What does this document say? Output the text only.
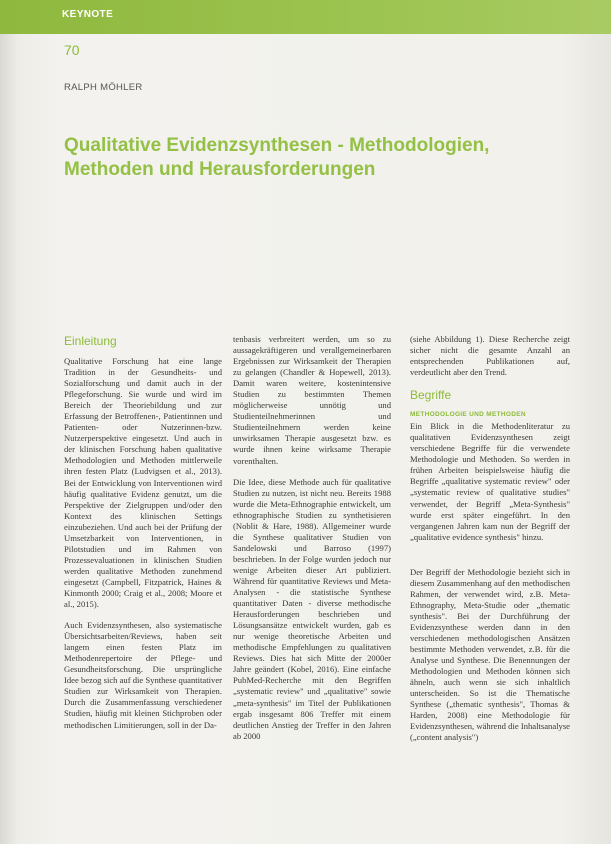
KEYNOTE
70
RALPH MÖHLER
Qualitative Evidenzsynthesen - Methodologien, Methoden und Herausforderungen
Einleitung

Qualitative Forschung hat eine lange Tradition in der Gesundheits- und Sozialforschung und damit auch in der Pflegeforschung. Sie wurde und wird im Bereich der Theoriebildung und zur Erfassung der Betroffenen-, Patientinnen und Patienten- oder Nutzerinnen-bzw. Nutzerperspektive eingesetzt. Und auch in der klinischen Forschung haben qualitative Methodologien und Methoden mittlerweile ihren festen Platz (Ludvigsen et al., 2013). Bei der Entwicklung von Interventionen wird häufig qualitative Evidenz genutzt, um die Perspektive der Zielgruppen und/oder den Kontext des klinischen Settings einzubeziehen. Und auch bei der Prüfung der Umsetzbarkeit von Interventionen, in Pilotstudien und im Rahmen von Prozessevaluationen in klinischen Studien werden qualitative Methoden zunehmend eingesetzt (Campbell, Fitzpatrick, Haines & Kinmonth 2000; Craig et al., 2008; Moore et al., 2015).

Auch Evidenzsynthesen, also systematische Übersichtsarbeiten/Reviews, haben seit langem einen festen Platz im Methodenrepertoire der Pflege- und Gesundheitsforschung. Die ursprüngliche Idee bezog sich auf die Synthese quantitativer Studien zur Wirksamkeit von Therapien. Durch die Zusammenfassung verschiedener Studien, häufig mit kleinen Stichproben oder methodischen Limitierungen, soll in der Da-

tenbasis verbreitert werden, um so zu aussagekräftigeren und verallgemeinerbaren Ergebnissen zur Wirksamkeit der Therapien zu gelangen (Chandler & Hopewell, 2013). Damit waren weitere, kostenintensive Studien zu bestimmten Themen möglicherweise unnötig und Studienteilnehmerinnen und Studienteilnehmern werden keine unwirksamen Therapie ausgesetzt bzw. es wurde ihnen keine wirksame Therapie vorenthalten.

Die Idee, diese Methode auch für qualitative Studien zu nutzen, ist nicht neu. Bereits 1988 wurde die Meta-Ethnographie entwickelt, um ethnographische Studien zu synthetisieren (Noblit & Hare, 1988). Allgemeiner wurde die Synthese qualitativer Studien von Sandelowski und Barroso (1997) beschrieben. In der Folge wurden jedoch nur wenige Arbeiten dieser Art publiziert. Während für quantitative Reviews und Meta-Analysen - die statistische Synthese quantitativer Daten - diverse methodische Herausforderungen beschrieben und Lösungsansätze entwickelt wurden, gab es nur wenige theoretische Arbeiten und methodische Empfehlungen zu qualitativen Reviews. Dies hat sich Mitte der 2000er Jahre geändert (Kobel, 2016). Eine einfache PubMed-Recherche mit den Begriffen „systematic review" und „qualitative" sowie „meta-synthesis" im Titel der Publikationen ergab insgesamt 806 Treffer mit einem deutlichen Anstieg der Treffer in den Jahren ab 2000

(siehe Abbildung 1). Diese Recherche zeigt sicher nicht die gesamte Anzahl an entsprechenden Publikationen auf, verdeutlicht aber den Trend.

Begriffe
METHODOLOGIE UND METHODEN

Ein Blick in die Methodenliteratur zu qualitativen Evidenzsynthesen zeigt verschiedene Begriffe für die verwendete Methodologie und Methoden. So werden in frühen Arbeiten beispielsweise häufig die Begriffe „qualitative systematic review" oder „systematic review of qualitative studies" verwendet, der Begriff „Meta-Synthesis" wurde erst später eingeführt. In den vergangenen Jahren kam nun der Begriff der „qualitative evidence synthesis" hinzu.

Der Begriff der Methodologie bezieht sich in diesem Zusammenhang auf den methodischen Rahmen, der verwendet wird, z.B. Meta-Ethnography, Meta-Studie oder „thematic synthesis". Bei der Durchführung der Evidenzsynthese werden dann in den verschiedenen methodologischen Ansätzen bestimmte Methoden verwendet, z.B. für die Analyse und Synthese. Die Benennungen der Methodologien und Methoden können sich ähneln, auch wenn sie sich inhaltlich unterscheiden. So ist die Thematische Synthese („thematic synthesis", Thomas & Harden, 2008) eine Methodologie für Evidenzsynthesen, während die Inhaltsanalyse („content analysis")
